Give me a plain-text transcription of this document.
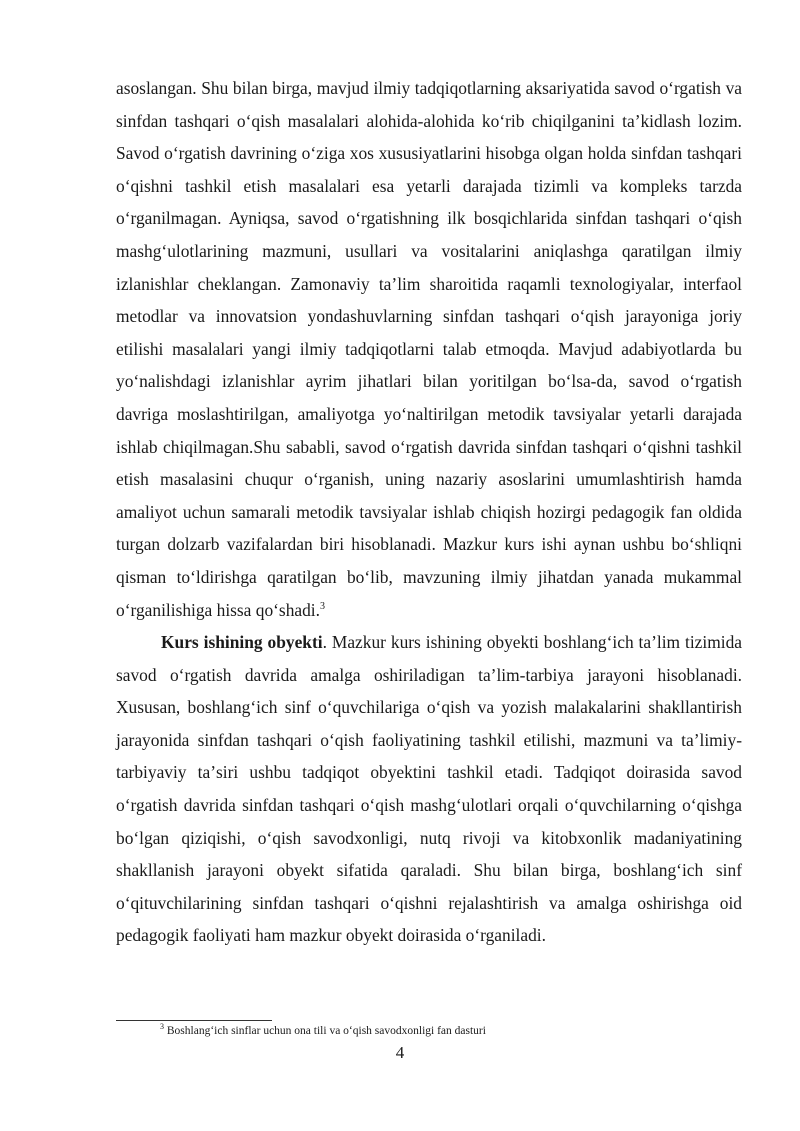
asoslangan. Shu bilan birga, mavjud ilmiy tadqiqotlarning aksariyatida savod oʻrgatish va sinfdan tashqari oʻqish masalalari alohida-alohida koʻrib chiqilganini taʼkidlash lozim. Savod oʻrgatish davrining oʻziga xos xususiyatlarini hisobga olgan holda sinfdan tashqari oʻqishni tashkil etish masalalari esa yetarli darajada tizimli va kompleks tarzda oʻrganilmagan. Ayniqsa, savod oʻrgatishning ilk bosqichlarida sinfdan tashqari oʻqish mashgʻulotlarining mazmuni, usullari va vositalarini aniqlashga qaratilgan ilmiy izlanishlar cheklangan. Zamonaviy taʼlim sharoitida raqamli texnologiyalar, interfaol metodlar va innovatsion yondashuvlarning sinfdan tashqari oʻqish jarayoniga joriy etilishi masalalari yangi ilmiy tadqiqotlarni talab etmoqda. Mavjud adabiyotlarda bu yoʻnalishdagi izlanishlar ayrim jihatlari bilan yoritilgan boʻlsa-da, savod oʻrgatish davriga moslashtirilgan, amaliyotga yoʻnaltirilgan metodik tavsiyalar yetarli darajada ishlab chiqilmagan.Shu sababli, savod oʻrgatish davrida sinfdan tashqari oʻqishni tashkil etish masalasini chuqur oʻrganish, uning nazariy asoslarini umumlashtirish hamda amaliyot uchun samarali metodik tavsiyalar ishlab chiqish hozirgi pedagogik fan oldida turgan dolzarb vazifalardan biri hisoblanadi. Mazkur kurs ishi aynan ushbu boʻshliqni qisman toʻldirishga qaratilgan boʻlib, mavzuning ilmiy jihatdan yanada mukammal oʻrganilishiga hissa qoʻshadi.$^3$

Kurs ishining obyekti. Mazkur kurs ishining obyekti boshlangʻich taʼlim tizimida savod oʻrgatish davrida amalga oshiriladigan taʼlim-tarbiya jarayoni hisoblanadi. Xususan, boshlangʻich sinf oʻquvchilariga oʻqish va yozish malakalarini shakllantirish jarayonida sinfdan tashqari oʻqish faoliyatining tashkil etilishi, mazmuni va taʼlimiy-tarbiyaviy taʼsiri ushbu tadqiqot obyektini tashkil etadi. Tadqiqot doirasida savod oʻrgatish davrida sinfdan tashqari oʻqish mashgʻulotlari orqali oʻquvchilarning oʻqishga boʻlgan qiziqishi, oʻqish savodxonligi, nutq rivoji va kitobxonlik madaniyatining shakllanish jarayoni obyekt sifatida qaraladi. Shu bilan birga, boshlangʻich sinf oʻqituvchilarining sinfdan tashqari oʻqishni rejalashtirish va amalga oshirishga oid pedagogik faoliyati ham mazkur obyekt doirasida oʻrganiladi.

$^3$ Boshlangʻich sinflar uchun ona tili va oʻqish savodxonligi fan dasturi
4
